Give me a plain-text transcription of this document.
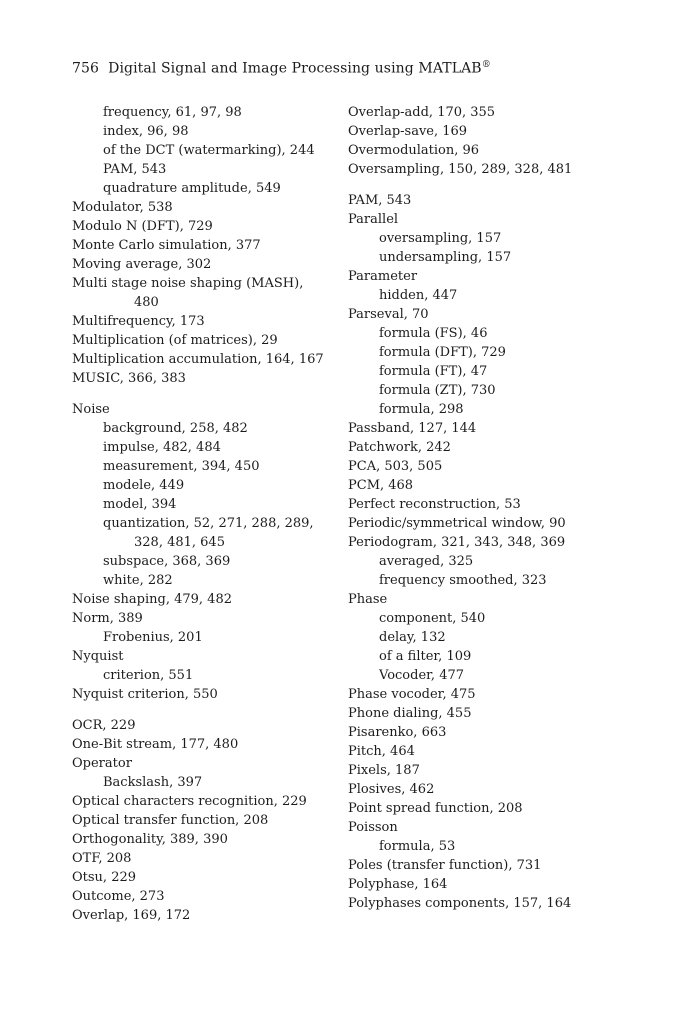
756 Digital Signal and Image Processing using MATLAB®
frequency, 61, 97, 98
index, 96, 98
of the DCT (watermarking), 244
PAM, 543
quadrature amplitude, 549
Modulator, 538
Modulo N (DFT), 729
Monte Carlo simulation, 377
Moving average, 302
Multi stage noise shaping (MASH),
480
Multifrequency, 173
Multiplication (of matrices), 29
Multiplication accumulation, 164, 167
MUSIC, 366, 383
Noise
background, 258, 482
impulse, 482, 484
measurement, 394, 450
modele, 449
model, 394
quantization, 52, 271, 288, 289,
328, 481, 645
subspace, 368, 369
white, 282
Noise shaping, 479, 482
Norm, 389
Frobenius, 201
Nyquist
criterion, 551
Nyquist criterion, 550
OCR, 229
One-Bit stream, 177, 480
Operator
Backslash, 397
Optical characters recognition, 229
Optical transfer function, 208
Orthogonality, 389, 390
OTF, 208
Otsu, 229
Outcome, 273
Overlap, 169, 172
Overlap-add, 170, 355
Overlap-save, 169
Overmodulation, 96
Oversampling, 150, 289, 328, 481
PAM, 543
Parallel
oversampling, 157
undersampling, 157
Parameter
hidden, 447
Parseval, 70
formula (FS), 46
formula (DFT), 729
formula (FT), 47
formula (ZT), 730
formula, 298
Passband, 127, 144
Patchwork, 242
PCA, 503, 505
PCM, 468
Perfect reconstruction, 53
Periodic/symmetrical window, 90
Periodogram, 321, 343, 348, 369
averaged, 325
frequency smoothed, 323
Phase
component, 540
delay, 132
of a filter, 109
Vocoder, 477
Phase vocoder, 475
Phone dialing, 455
Pisarenko, 663
Pitch, 464
Pixels, 187
Plosives, 462
Point spread function, 208
Poisson
formula, 53
Poles (transfer function), 731
Polyphase, 164
Polyphases components, 157, 164
